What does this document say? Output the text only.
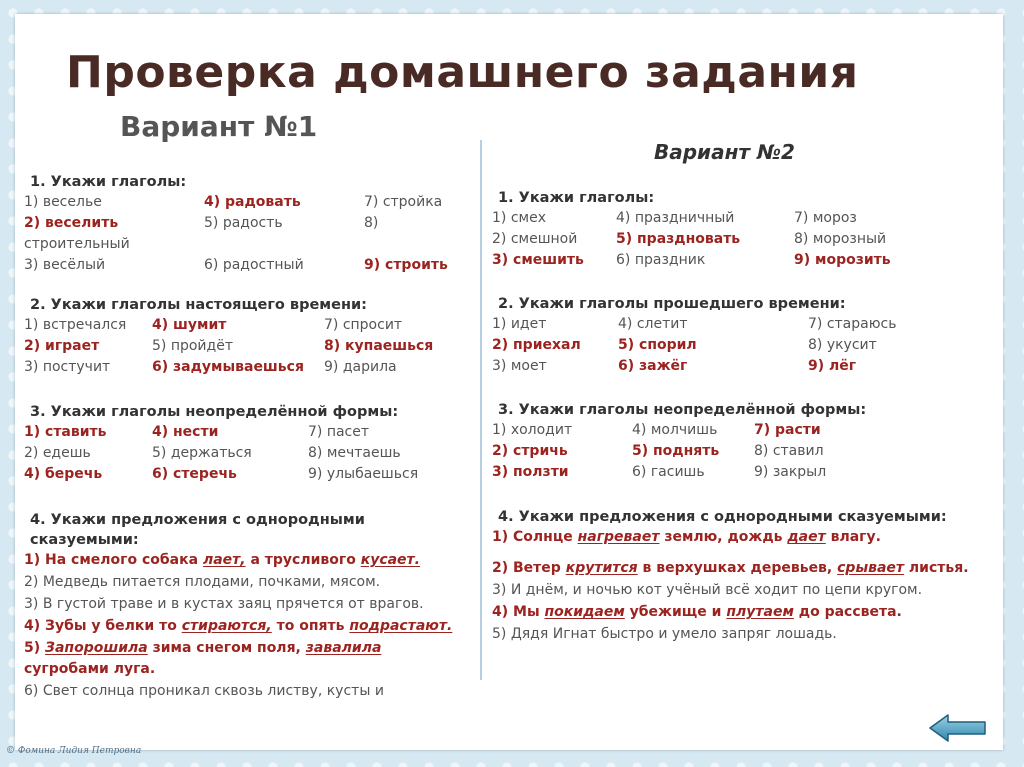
Проверка домашнего задания
Вариант №1
1. Укажи глаголы:
1) веселье	4) радовать	7) стройка
2) веселить	5) радость	8)
строительный
3) весёлый	6) радостный	9) строить
2. Укажи глаголы настоящего времени:
1) встречался 4) шумит	7) спросит
2) играет	5) пройдёт	8) купаешься
3) постучит	6) задумываешься 9) дарила
3. Укажи глаголы неопределённой формы:
1) ставить	4) нести	7) пасет
2) едешь	5) держаться	8) мечтаешь
4) беречь	6) стеречь	9) улыбаешься
4. Укажи предложения с однородными сказуемыми:
1) На смелого собака лает, а трусливого кусает.
2) Медведь питается плодами, почками, мясом.
3) В густой траве и в кустах заяц прячется от врагов.
4) Зубы у белки то стираются, то опять подрастают.
5) Запорошила зима снегом поля, завалила сугробами луга.
6) Свет солнца проникал сквозь листву, кусты и
Вариант №2
1. Укажи глаголы:
1) смех	4) праздничный	7) мороз
2) смешной	5) праздновать	8) морозный
3) смешить 6) праздник	9) морозить
2. Укажи глаголы прошедшего времени:
1) идет	4) слетит	7) стараюсь
2) приехал	5) спорил	8) укусит
3) моет	6) зажёг	9) лёг
3. Укажи глаголы неопределённой формы:
1) холодит	4) молчишь	7) расти
2) стричь	5) поднять 8) ставил
3) ползти	6) гасишь	9) закрыл
4. Укажи предложения с однородными сказуемыми:
1) Солнце нагревает землю, дождь дает влагу.
2) Ветер крутится в верхушках деревьев, срывает листья.
3) И днём, и ночью кот учёный всё ходит по цепи кругом.
4) Мы покидаем убежище и плутаем до рассвета.
5) Дядя Игнат быстро и умело запряг лошадь.
© Фомина Лидия Петровна
